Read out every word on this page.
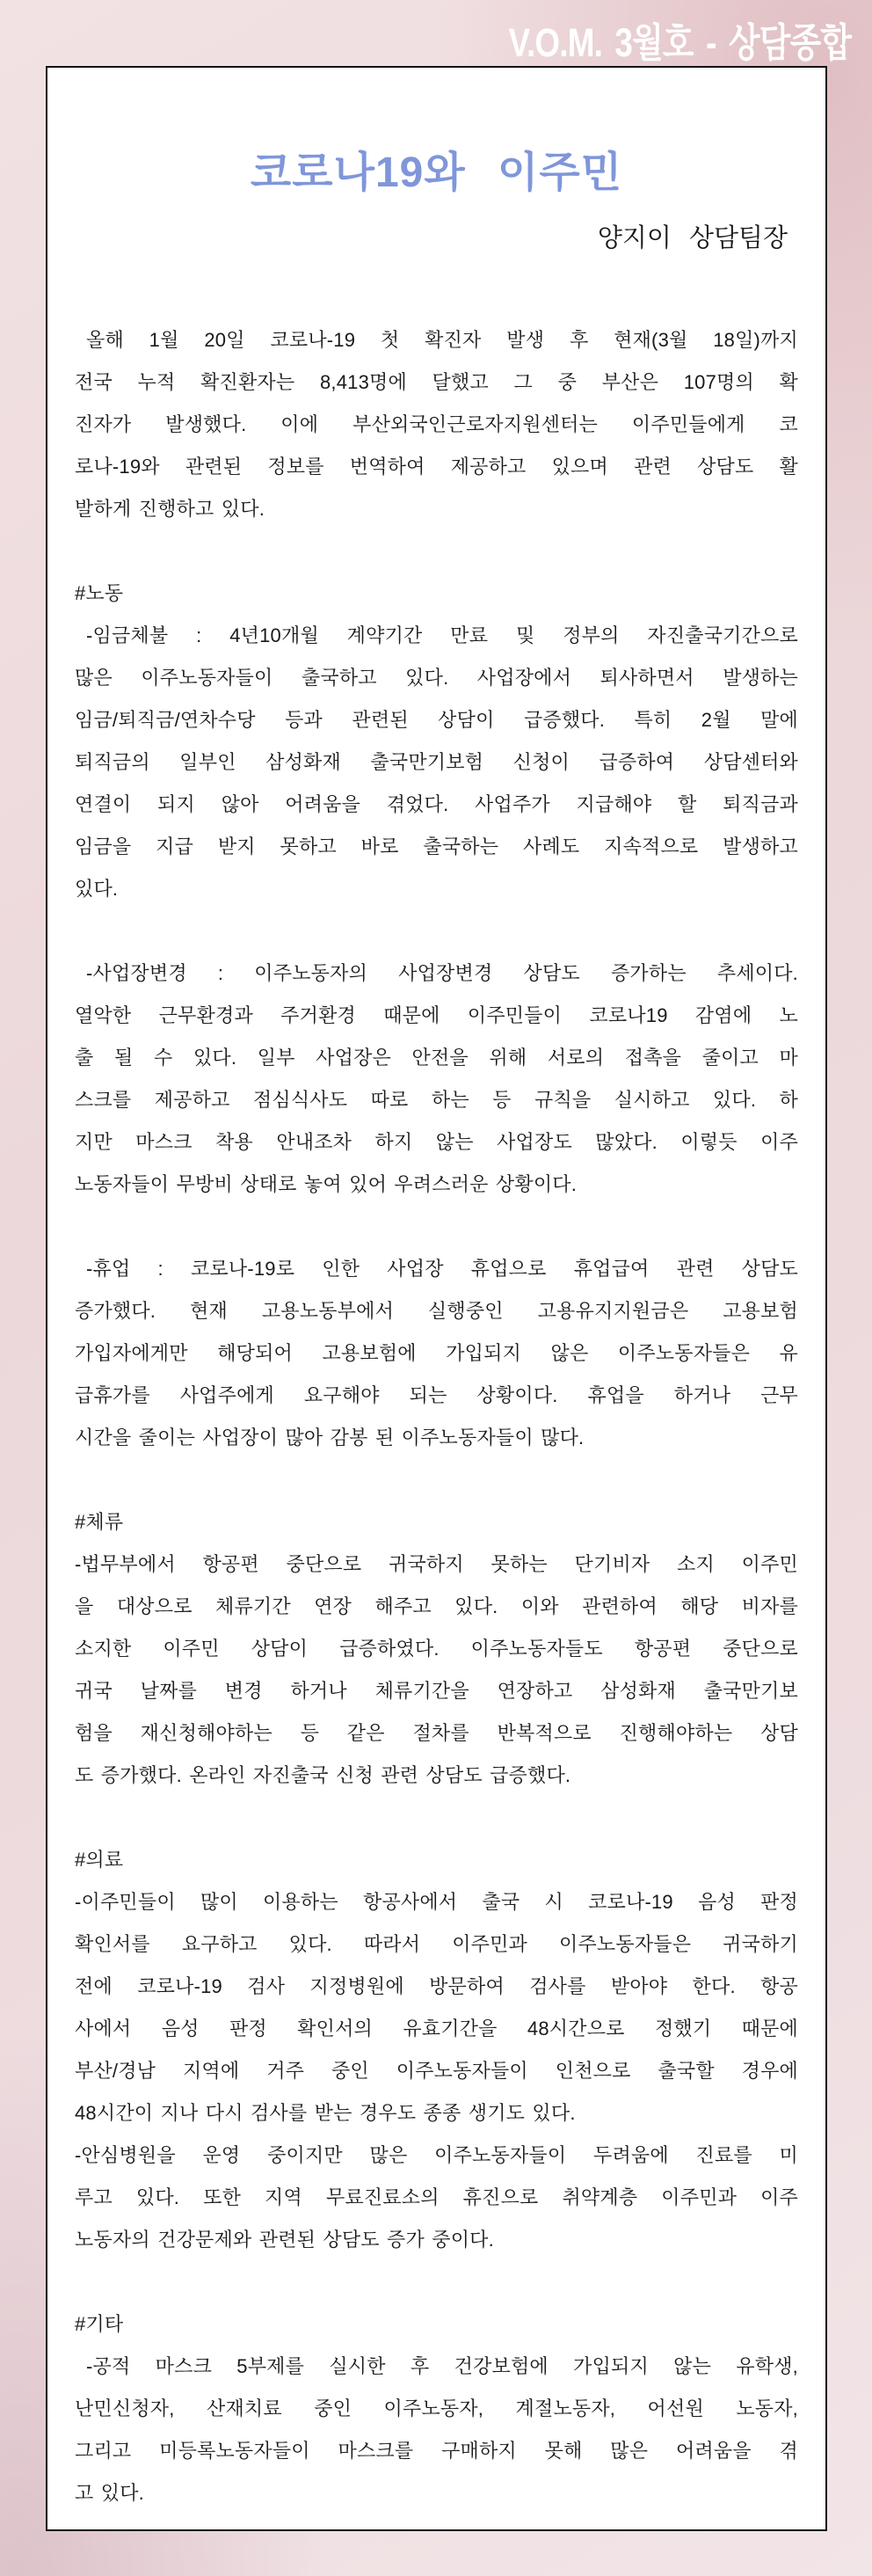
V.O.M. 3월호 - 상담종합
코로나19와 이주민
양지이 상담팀장
올해 1월 20일 코로나-19 첫 확진자 발생 후 현재(3월 18일)까지
전국 누적 확진환자는 8,413명에 달했고 그 중 부산은 107명의 확
진자가 발생했다. 이에 부산외국인근로자지원센터는 이주민들에게 코
로나-19와 관련된 정보를 번역하여 제공하고 있으며 관련 상담도 활
발하게 진행하고 있다.
#노동
-임금체불 : 4년10개월 계약기간 만료 및 정부의 자진출국기간으로
많은 이주노동자들이 출국하고 있다. 사업장에서 퇴사하면서 발생하는
임금/퇴직금/연차수당 등과 관련된 상담이 급증했다. 특히 2월 말에
퇴직금의 일부인 삼성화재 출국만기보험 신청이 급증하여 상담센터와
연결이 되지 않아 어려움을 겪었다. 사업주가 지급해야 할 퇴직금과
임금을 지급 받지 못하고 바로 출국하는 사례도 지속적으로 발생하고
있다.
-사업장변경 : 이주노동자의 사업장변경 상담도 증가하는 추세이다.
열악한 근무환경과 주거환경 때문에 이주민들이 코로나19 감염에 노
출 될 수 있다. 일부 사업장은 안전을 위해 서로의 접촉을 줄이고 마
스크를 제공하고 점심식사도 따로 하는 등 규칙을 실시하고 있다. 하
지만 마스크 착용 안내조차 하지 않는 사업장도 많았다. 이렇듯 이주
노동자들이 무방비 상태로 놓여 있어 우려스러운 상황이다.
-휴업 : 코로나-19로 인한 사업장 휴업으로 휴업급여 관련 상담도
증가했다. 현재 고용노동부에서 실행중인 고용유지지원금은 고용보험
가입자에게만 해당되어 고용보험에 가입되지 않은 이주노동자들은 유
급휴가를 사업주에게 요구해야 되는 상황이다. 휴업을 하거나 근무
시간을 줄이는 사업장이 많아 감봉 된 이주노동자들이 많다.
#체류
-법무부에서 항공편 중단으로 귀국하지 못하는 단기비자 소지 이주민
을 대상으로 체류기간 연장 해주고 있다. 이와 관련하여 해당 비자를
소지한 이주민 상담이 급증하였다. 이주노동자들도 항공편 중단으로
귀국 날짜를 변경 하거나 체류기간을 연장하고 삼성화재 출국만기보
험을 재신청해야하는 등 같은 절차를 반복적으로 진행해야하는 상담
도 증가했다. 온라인 자진출국 신청 관련 상담도 급증했다.
#의료
-이주민들이 많이 이용하는 항공사에서 출국 시 코로나-19 음성 판정
확인서를 요구하고 있다. 따라서 이주민과 이주노동자들은 귀국하기
전에 코로나-19 검사 지정병원에 방문하여 검사를 받아야 한다. 항공
사에서 음성 판정 확인서의 유효기간을 48시간으로 정했기 때문에
부산/경남 지역에 거주 중인 이주노동자들이 인천으로 출국할 경우에
48시간이 지나 다시 검사를 받는 경우도 종종 생기도 있다.
-안심병원을 운영 중이지만 많은 이주노동자들이 두려움에 진료를 미
루고 있다. 또한 지역 무료진료소의 휴진으로 취약계층 이주민과 이주
노동자의 건강문제와 관련된 상담도 증가 중이다.
#기타
-공적 마스크 5부제를 실시한 후 건강보험에 가입되지 않는 유학생,
난민신청자, 산재치료 중인 이주노동자, 계절노동자, 어선원 노동자,
그리고 미등록노동자들이 마스크를 구매하지 못해 많은 어려움을 겪
고 있다.
